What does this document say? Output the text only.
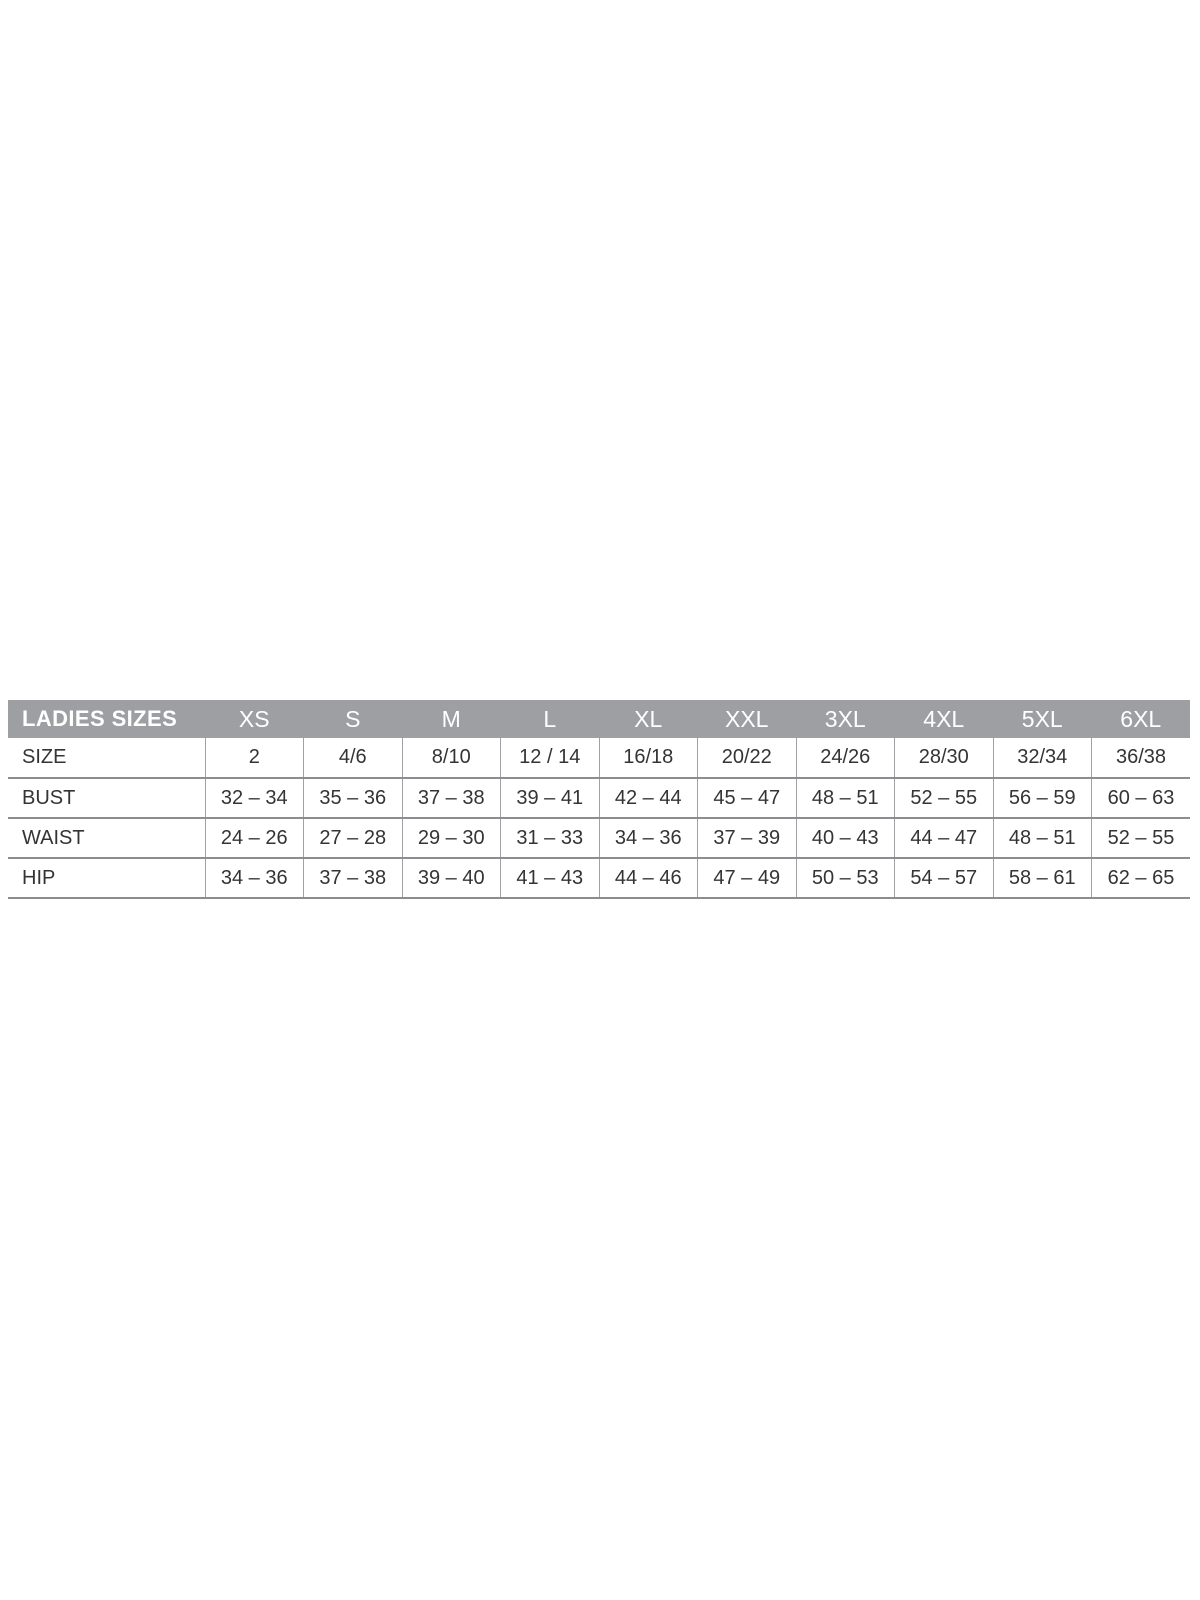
LADIES SIZES	XS	S	M	L	XL	XXL	3XL	4XL	5XL	6XL
SIZE	2	4/6	8/10	12 / 14	16/18	20/22	24/26	28/30	32/34	36/38
BUST	32 – 34	35 – 36	37 – 38	39 – 41	42 – 44	45 – 47	48 – 51	52 – 55	56 – 59	60 – 63
WAIST	24 – 26	27 – 28	29 – 30	31 – 33	34 – 36	37 – 39	40 – 43	44 – 47	48 – 51	52 – 55
HIP	34 – 36	37 – 38	39 – 40	41 – 43	44 – 46	47 – 49	50 – 53	54 – 57	58 – 61	62 – 65
